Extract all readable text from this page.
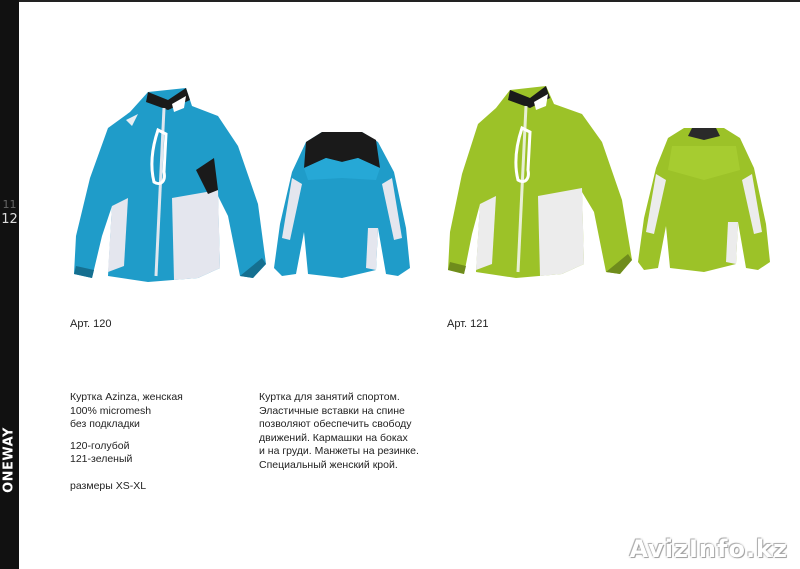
11
12
ONEWAY
Арт. 120	Арт. 121
Куртка Azinza, женская
100% micromesh
без подкладки
120-голубой
121-зеленый
размеры XS-XL
Куртка для занятий спортом.
Эластичные вставки на спине
позволяют обеспечить свободу
движений. Кармашки на боках
и на груди. Манжеты на резинке.
Специальный женский крой.
AvizInfo.kz
